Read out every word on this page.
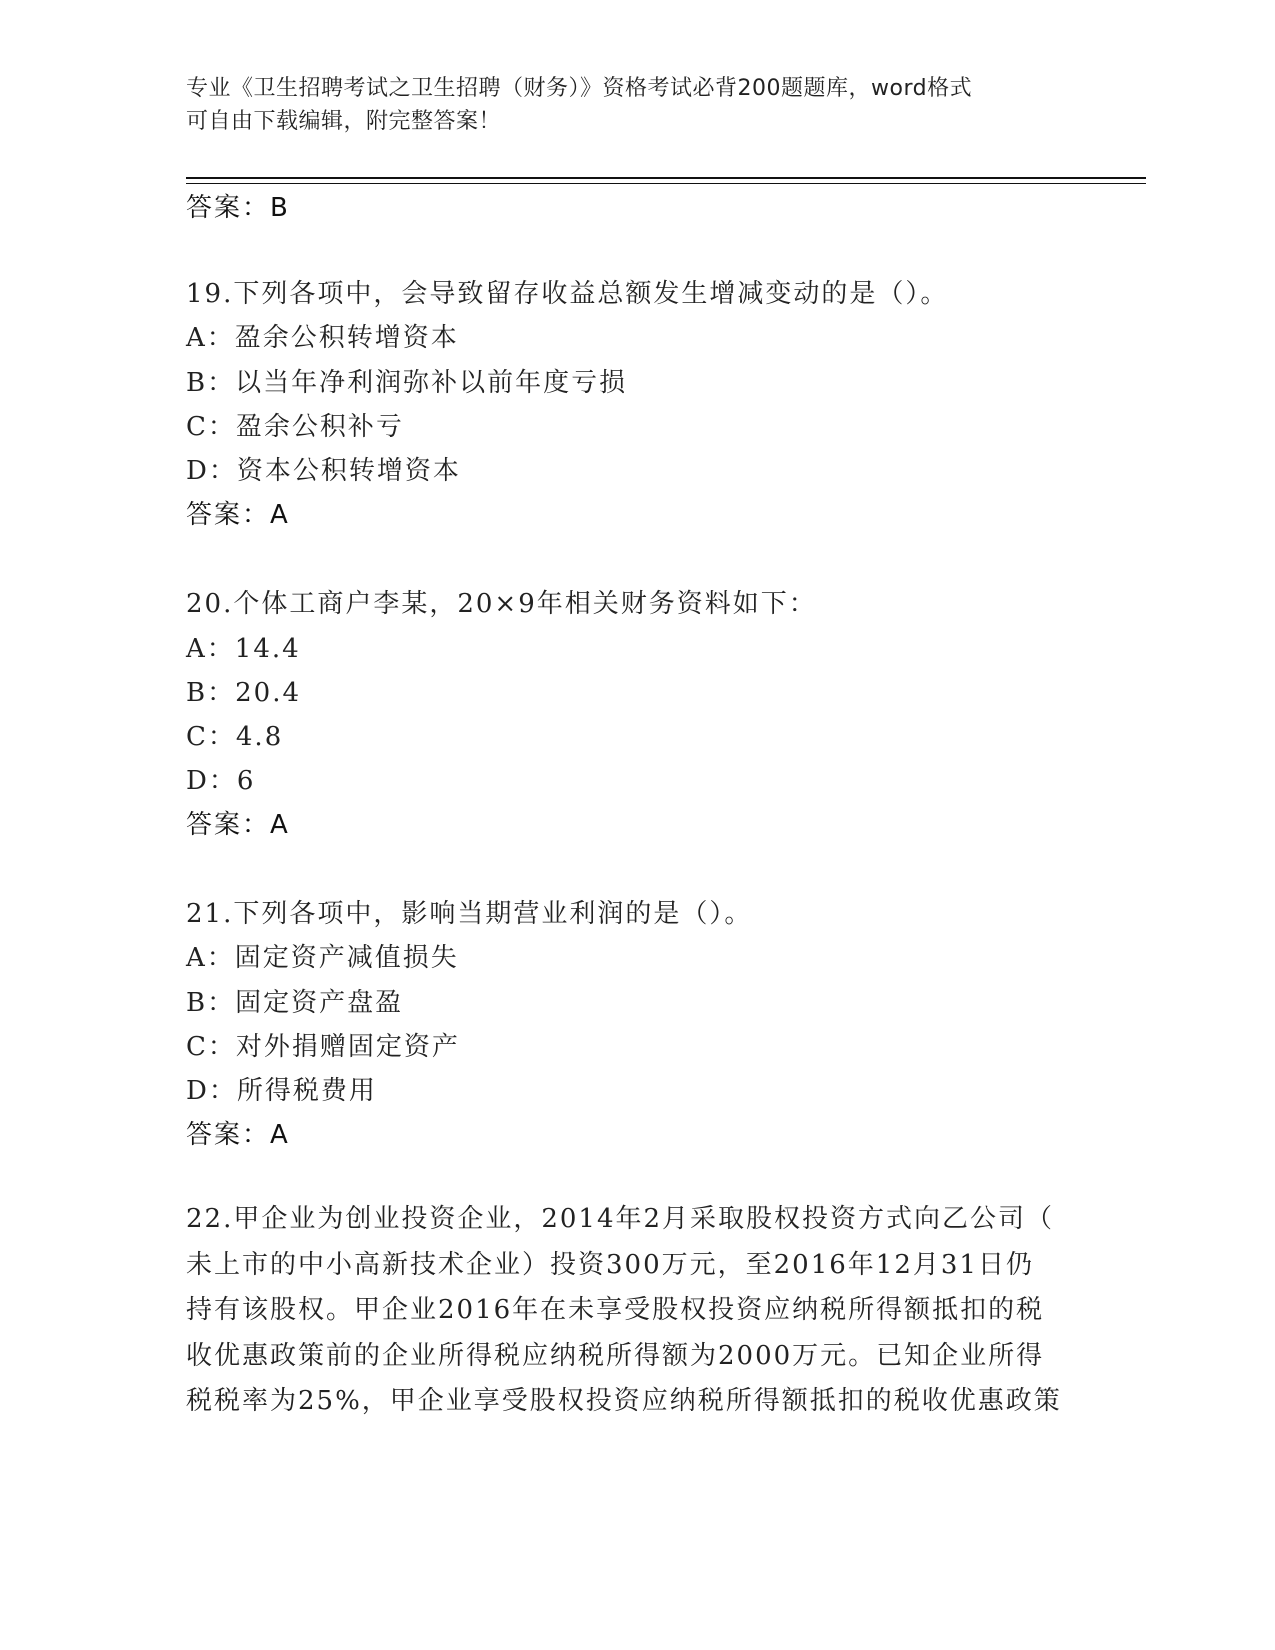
专业《卫生招聘考试之卫生招聘（财务）》资格考试必背200题题库，word格式
可自由下载编辑，附完整答案！
答案：B
19.下列各项中，会导致留存收益总额发生增减变动的是（）。
A：盈余公积转增资本
B：以当年净利润弥补以前年度亏损
C：盈余公积补亏
D：资本公积转增资本
答案：A
20.个体工商户李某，20×9年相关财务资料如下：
A：14.4
B：20.4
C：4.8
D：6
答案：A
21.下列各项中，影响当期营业利润的是（）。
A：固定资产减值损失
B：固定资产盘盈
C：对外捐赠固定资产
D：所得税费用
答案：A
22.甲企业为创业投资企业，2014年2月采取股权投资方式向乙公司（
未上市的中小高新技术企业）投资300万元，至2016年12月31日仍
持有该股权。甲企业2016年在未享受股权投资应纳税所得额抵扣的税
收优惠政策前的企业所得税应纳税所得额为2000万元。已知企业所得
税税率为25%，甲企业享受股权投资应纳税所得额抵扣的税收优惠政策
